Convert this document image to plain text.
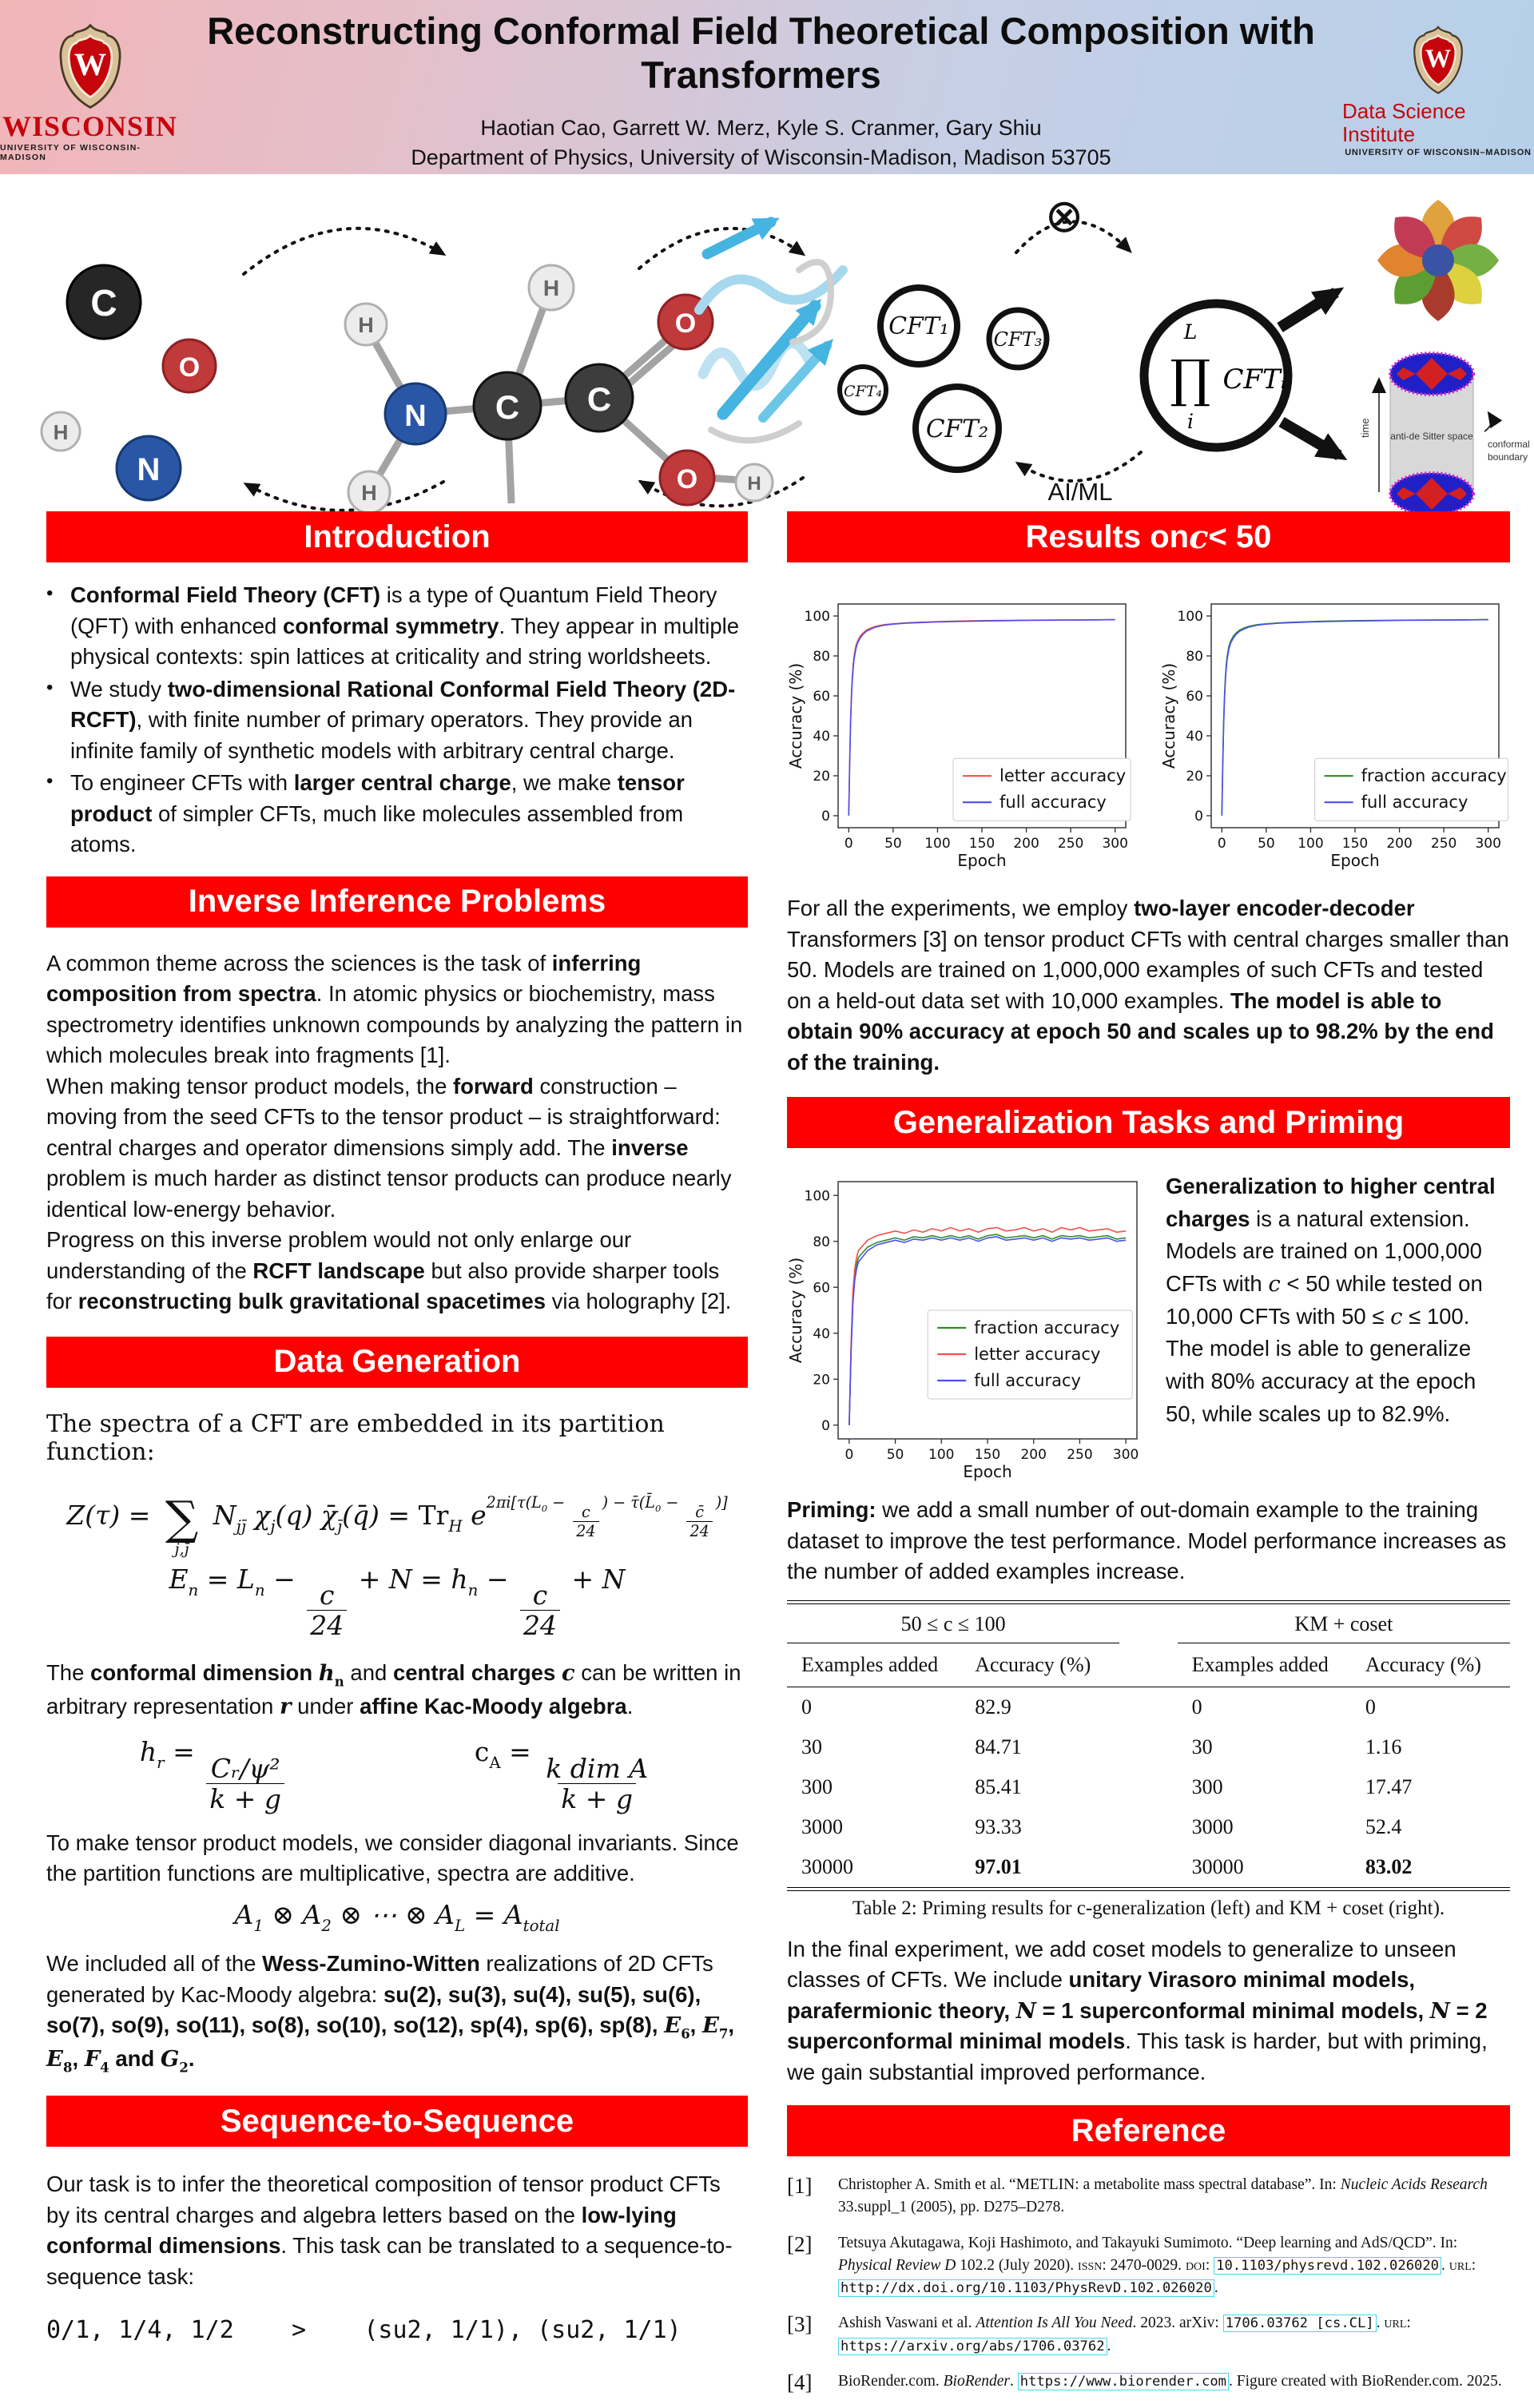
W
WISCONSIN
UNIVERSITY OF WISCONSIN-MADISON
Reconstructing Conformal Field Theoretical Composition with Transformers
Haotian Cao, Garrett W. Merz, Kyle S. Cranmer, Gary Shiu
Department of Physics, University of Wisconsin-Madison, Madison 53705
W
Data Science Institute
UNIVERSITY OF WISCONSIN–MADISON
C
O
H
N
H
H
H
N C C
O
O	H
CFT₁ CFT₃
CFT₄
CFT₂
⊗
AI/ML
L
∏
i
CFTᵢ
time anti-de Sitter space
conformal
boundary
Introduction
• Conformal Field Theory (CFT) is a type of Quantum Field Theory (QFT) with enhanced conformal symmetry. They appear in multiple physical contexts: spin lattices at criticality and string worldsheets.
• We study two-dimensional Rational Conformal Field Theory (2D-RCFT), with finite number of primary operators. They provide an infinite family of synthetic models with arbitrary central charge.
• To engineer CFTs with larger central charge, we make tensor product of simpler CFTs, much like molecules assembled from atoms.
Inverse Inference Problems
A common theme across the sciences is the task of inferring composition from spectra. In atomic physics or biochemistry, mass spectrometry identifies unknown compounds by analyzing the pattern in which molecules break into fragments [1].
When making tensor product models, the forward construction – moving from the seed CFTs to the tensor product – is straightforward: central charges and operator dimensions simply add. The inverse problem is much harder as distinct tensor products can produce nearly identical low-energy behavior.
Progress on this inverse problem would not only enlarge our understanding of the RCFT landscape but also provide sharper tools for reconstructing bulk gravitational spacetimes via holography [2].
Data Generation
The spectra of a CFT are embedded in its partition function:
Z(τ) = ∑
j,j̄
$N_{jj̄}$ $\chi_j(q)$ $\chī_{j̄}(q̄) = Tr_H$ $e2\pi i[\tau(L_0$ −
$\frac{c}{24}$
) − $\taū(L̄_0$ −
$\frac{c̄}{24}$
)]
$E_n = L_n$ −
$\frac{c}{24}$
+ $N = h_n$ −
$\frac{c}{24}$
+ N
The conformal dimension $h_n$ and central charges c can be written in arbitrary representation r under affine Kac-Moody algebra.
$h_r$ =
$\frac{\text{Cᵣ/ψ²}}{k + g}$
$c_A$ =
$\frac{\text{k dim A}}{k + g}$
To make tensor product models, we consider diagonal invariants. Since the partition functions are multiplicative, spectra are additive.
$A_1$ ⊗ $A_2$ ⊗ ⋯ ⊗ $A_L = A_{total}$
We included all of the Wess-Zumino-Witten realizations of 2D CFTs generated by Kac-Moody algebra: su(2), su(3), su(4), su(5), su(6), so(7), so(9), so(11), so(8), so(10), so(12), sp(4), sp(6), sp(8), $E_6$, $E_7$, $E_8$, $F_4$ and $G_2$.
Sequence-to-Sequence
Our task is to infer the theoretical composition of tensor product CFTs by its central charges and algebra letters based on the low-lying conformal dimensions. This task can be translated to a sequence-to-sequence task:
0/1, 1/4, 1/2    >    (su2, 1/1), (su2, 1/1)
Results on c < 50
0
20
40
60
80
100
0 50 100 150 200 250 300
Epoch
Accuracy (%)
letter accuracy
full accuracy
0
20
40
60
80
100
0 50 100 150 200 250 300
Epoch
Accuracy (%)
fraction accuracy
full accuracy
For all the experiments, we employ two-layer encoder-decoder Transformers [3] on tensor product CFTs with central charges smaller than 50. Models are trained on 1,000,000 examples of such CFTs and tested on a held-out data set with 10,000 examples. The model is able to obtain 90% accuracy at epoch 50 and scales up to 98.2% by the end of the training.
Generalization Tasks and Priming
0
20
40
60
80
100
0 50 100 150 200 250 300
Epoch
Accuracy (%)	fraction accuracy
letter accuracy
full accuracy
Generalization to higher central charges is a natural extension. Models are trained on 1,000,000 CFTs with c < 50 while tested on 10,000 CFTs with 50 ≤ c ≤ 100. The model is able to generalize with 80% accuracy at the epoch 50, while scales up to 82.9%.
Priming: we add a small number of out-domain example to the training dataset to improve the test performance. Model performance increases as the number of added examples increase.
50 ≤ c ≤ 100	KM + coset
Examples added	Accuracy (%)	Examples added	Accuracy (%)
0	82.9	0	0
30	84.71	30	1.16
300	85.41	300	17.47
3000	93.33	3000	52.4
30000	97.01	30000	83.02
Table 2: Priming results for c-generalization (left) and KM + coset (right).
In the final experiment, we add coset models to generalize to unseen classes of CFTs. We include unitary Virasoro minimal models, parafermionic theory, N = 1 superconformal minimal models, N = 2 superconformal minimal models. This task is harder, but with priming, we gain substantial improved performance.
Reference
[1]	Christopher A. Smith et al. “METLIN: a metabolite mass spectral database”. In: Nucleic Acids Research 33.suppl_1 (2005), pp. D275–D278.
[2]	Tetsuya Akutagawa, Koji Hashimoto, and Takayuki Sumimoto. “Deep learning and AdS/QCD”. In: Physical Review D 102.2 (July 2020). issn: 2470-0029. doi: 10.1103/physrevd.102.026020 . url: http://dx.doi.org/10.1103/PhysRevD.102.026020 .
[3]	Ashish Vaswani et al. Attention Is All You Need. 2023. arXiv: 1706.03762 [cs.CL] . url: https://arxiv.org/abs/1706.03762 .
[4]	BioRender.com. BioRender. https://www.biorender.com . Figure created with BioRender.com. 2025.
